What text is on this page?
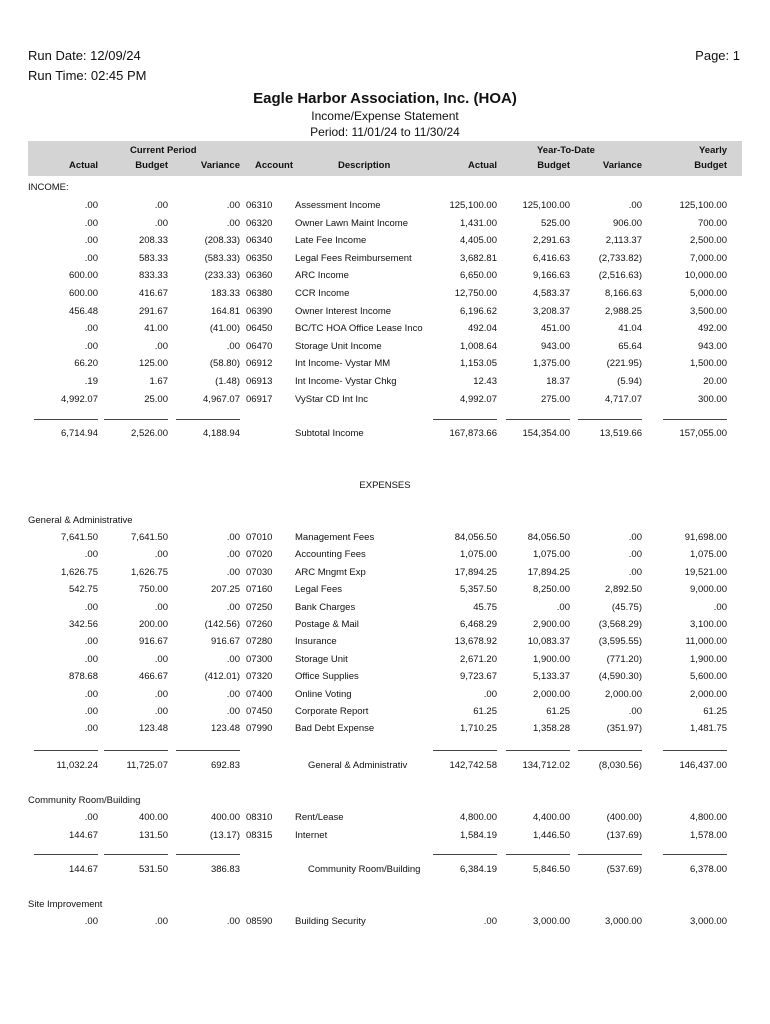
Run Date: 12/09/24
Run Time: 02:45 PM
Page: 1
Eagle Harbor Association, Inc. (HOA)
Income/Expense Statement
Period: 11/01/24 to 11/30/24
Current Period
Actual	Budget	Variance Account	Description
Year-To-Date
Actual	Budget	Variance
Yearly
Budget
INCOME:
.00	.00	.00 06310 Assessment Income	125,100.00	125,100.00	.00	125,100.00
.00	.00	.00 06320 Owner Lawn Maint Income	1,431.00	525.00	906.00	700.00
.00	208.33	(208.33) 06340 Late Fee Income	4,405.00	2,291.63	2,113.37	2,500.00
.00	583.33	(583.33) 06350 Legal Fees Reimbursement	3,682.81	6,416.63	(2,733.82)	7,000.00
600.00	833.33	(233.33) 06360 ARC Income	6,650.00	9,166.63	(2,516.63)	10,000.00
600.00	416.67	183.33 06380 CCR Income	12,750.00	4,583.37	8,166.63	5,000.00
456.48	291.67	164.81 06390 Owner Interest Income	6,196.62	3,208.37	2,988.25	3,500.00
.00	41.00	(41.00) 06450 BC/TC HOA Office Lease Inco	492.04	451.00	41.04	492.00
.00	.00	.00 06470 Storage Unit Income	1,008.64	943.00	65.64	943.00
66.20	125.00	(58.80) 06912 Int Income- Vystar MM	1,153.05	1,375.00	(221.95)	1,500.00
.19	1.67	(1.48) 06913 Int Income- Vystar Chkg	12.43	18.37	(5.94)	20.00
4,992.07	25.00	4,967.07 06917 VyStar CD Int Inc	4,992.07	275.00	4,717.07	300.00
6,714.94	2,526.00	4,188.94	Subtotal Income	167,873.66	154,354.00	13,519.66	157,055.00
EXPENSES
General & Administrative
7,641.50	7,641.50	.00 07010 Management Fees	84,056.50	84,056.50	.00	91,698.00
.00	.00	.00 07020 Accounting Fees	1,075.00	1,075.00	.00	1,075.00
1,626.75	1,626.75	.00 07030 ARC Mngmt Exp	17,894.25	17,894.25	.00	19,521.00
542.75	750.00	207.25 07160 Legal Fees	5,357.50	8,250.00	2,892.50	9,000.00
.00	.00	.00 07250 Bank Charges	45.75	.00	(45.75)	.00
342.56	200.00	(142.56) 07260 Postage & Mail	6,468.29	2,900.00	(3,568.29)	3,100.00
.00	916.67	916.67 07280 Insurance	13,678.92	10,083.37	(3,595.55)	11,000.00
.00	.00	.00 07300 Storage Unit	2,671.20	1,900.00	(771.20)	1,900.00
878.68	466.67	(412.01) 07320 Office Supplies	9,723.67	5,133.37	(4,590.30)	5,600.00
.00	.00	.00 07400 Online Voting	.00	2,000.00	2,000.00	2,000.00
.00	.00	.00 07450 Corporate Report	61.25	61.25	.00	61.25
.00	123.48	123.48 07990 Bad Debt Expense	1,710.25	1,358.28	(351.97)	1,481.75
11,032.24	11,725.07	692.83	General & Administrativ	142,742.58	134,712.02	(8,030.56)	146,437.00
Community Room/Building
.00	400.00	400.00 08310 Rent/Lease	4,800.00	4,400.00	(400.00)	4,800.00
144.67	131.50	(13.17) 08315 Internet	1,584.19	1,446.50	(137.69)	1,578.00
144.67	531.50	386.83	Community Room/Building	6,384.19	5,846.50	(537.69)	6,378.00
Site Improvement
.00	.00	.00 08590 Building Security	.00	3,000.00	3,000.00	3,000.00
